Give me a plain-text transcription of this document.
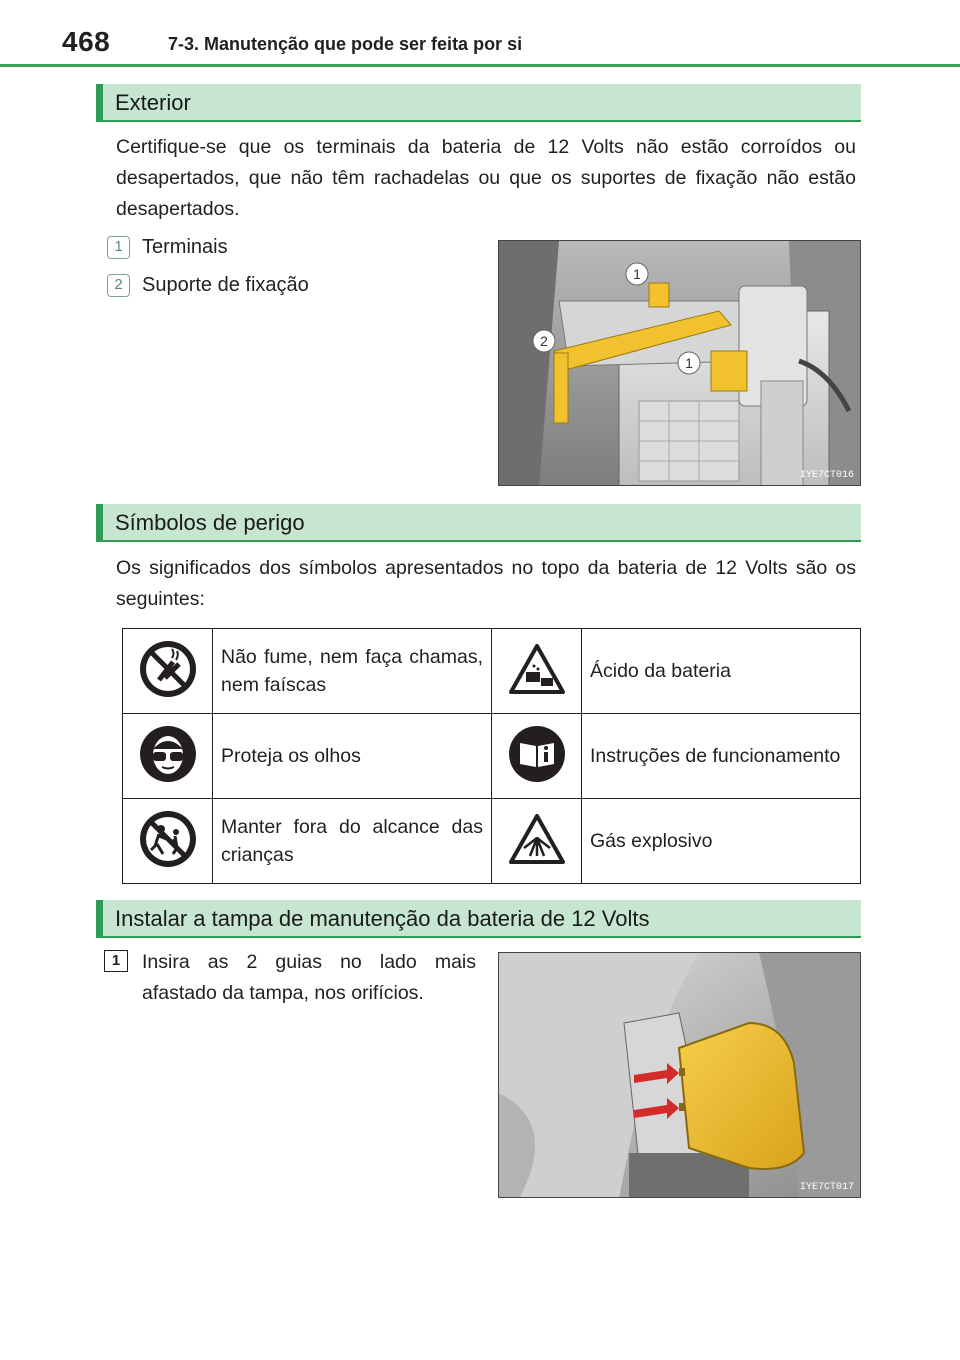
468	7-3. Manutenção que pode ser feita por si
Exterior
Certifique-se que os terminais da bateria de 12 Volts não estão corroídos ou desapertados, que não têm rachadelas ou que os suportes de fixação não estão desapertados.
1 Terminais
2 Suporte de fixação	1
2
1
IYE7CT016
Símbolos de perigo
Os significados dos símbolos apresentados no topo da bateria de 12 Volts são os seguintes:
	Não fume, nem faça chamas, nem faíscas		Ácido da bateria
	Proteja os olhos		Instruções de funcionamento
	Manter fora do alcance das crianças		Gás explosivo
Instalar a tampa de manutenção da bateria de 12 Volts
1	Insira as 2 guias no lado mais afastado da tampa, nos orifícios.
IYE7CT017
